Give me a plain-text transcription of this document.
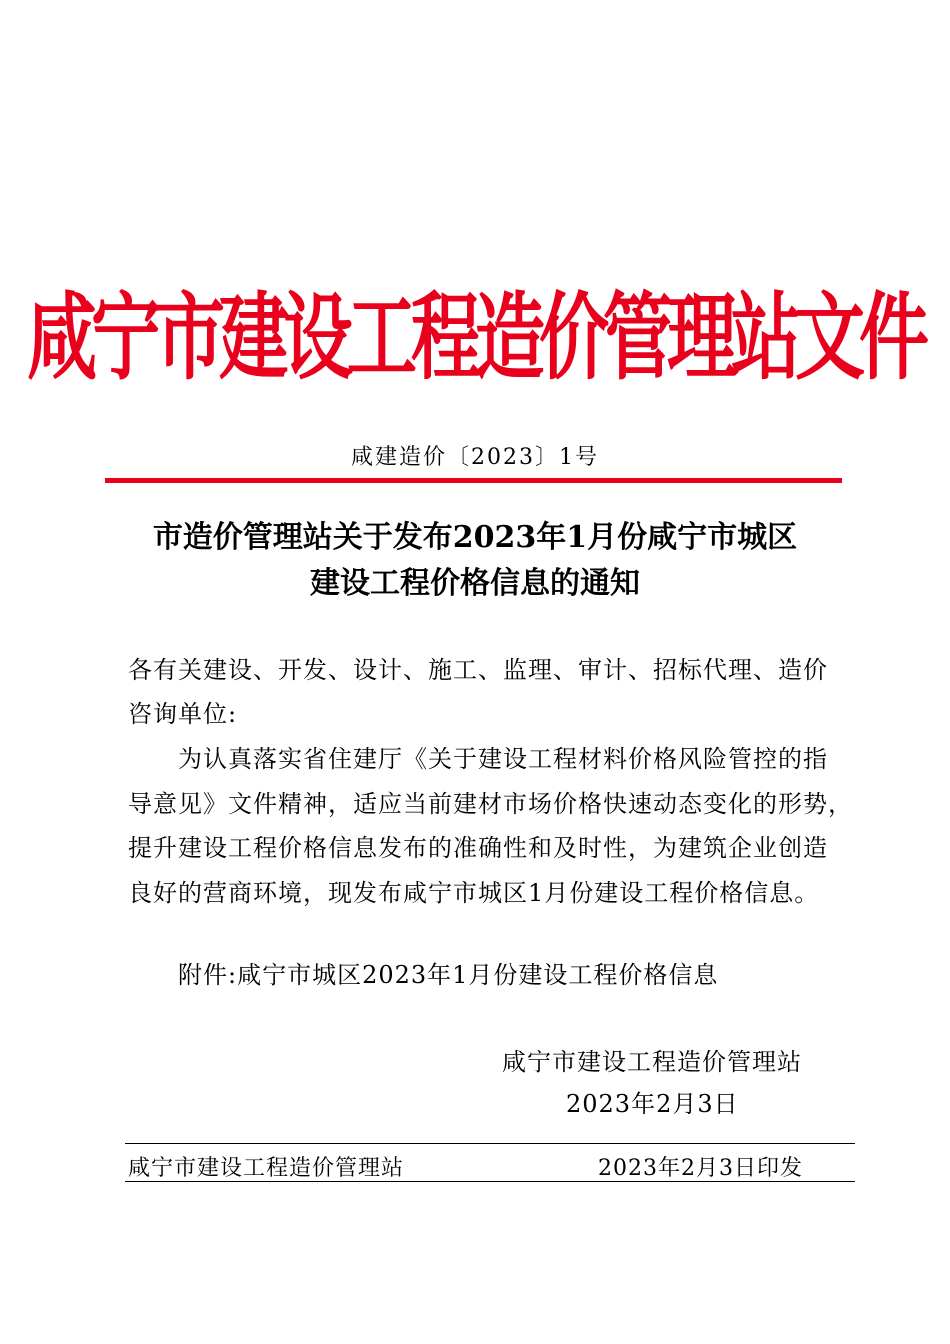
咸宁市建设工程造价管理站文件
咸建造价〔2023〕1号
市造价管理站关于发布2023年1月份咸宁市城区
建设工程价格信息的通知
各有关建设、开发、设计、施工、监理、审计、招标代理、造价
咨询单位:
为认真落实省住建厅《关于建设工程材料价格风险管控的指
导意见》文件精神，适应当前建材市场价格快速动态变化的形势，
提升建设工程价格信息发布的准确性和及时性，为建筑企业创造
良好的营商环境，现发布咸宁市城区1月份建设工程价格信息。
附件:咸宁市城区2023年1月份建设工程价格信息
咸宁市建设工程造价管理站
2023年2月3日
咸宁市建设工程造价管理站	2023年2月3日印发
